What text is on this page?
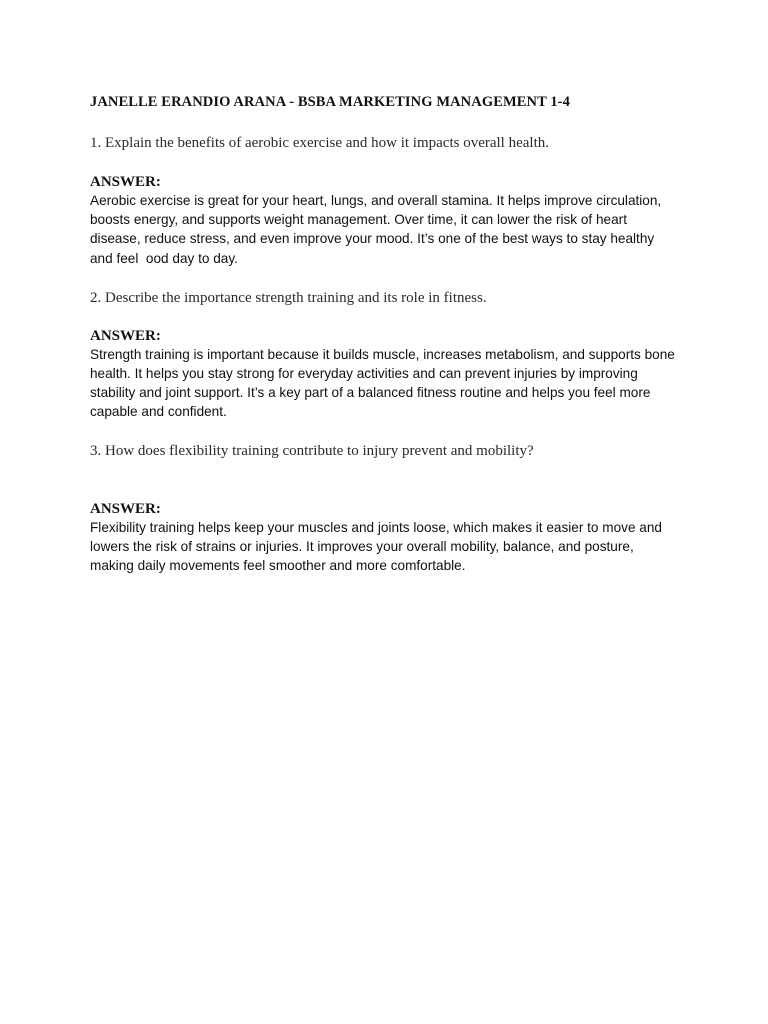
JANELLE ERANDIO ARANA - BSBA MARKETING MANAGEMENT 1-4

1. Explain the benefits of aerobic exercise and how it impacts overall health.

ANSWER:

Aerobic exercise is great for your heart, lungs, and overall stamina. It helps improve circulation, boosts energy, and supports weight management. Over time, it can lower the risk of heart disease, reduce stress, and even improve your mood. It’s one of the best ways to stay healthy and feel  ood day to day.

2. Describe the importance strength training and its role in fitness.

ANSWER:

Strength training is important because it builds muscle, increases metabolism, and supports bone health. It helps you stay strong for everyday activities and can prevent injuries by improving stability and joint support. It’s a key part of a balanced fitness routine and helps you feel more capable and confident.

3. How does flexibility training contribute to injury prevent and mobility?

ANSWER:

Flexibility training helps keep your muscles and joints loose, which makes it easier to move and lowers the risk of strains or injuries. It improves your overall mobility, balance, and posture, making daily movements feel smoother and more comfortable.
